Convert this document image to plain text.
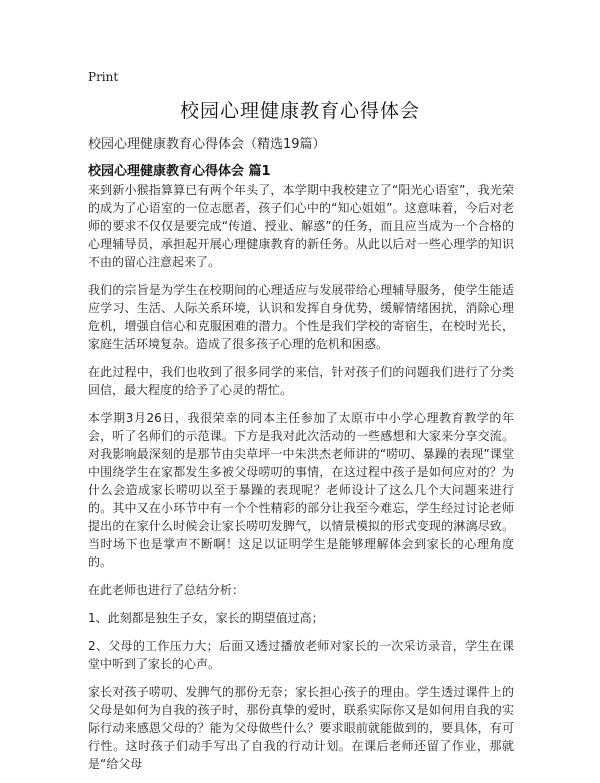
Print
校园心理健康教育心得体会
校园心理健康教育心得体会（精选19篇）
校园心理健康教育心得体会 篇1

来到新小猴指算算已有两个年头了，本学期中我校建立了“阳光心语室”，我光荣的成为了心语室的一位志愿者，孩子们心中的“知心姐姐”。这意味着，今后对老师的要求不仅仅是要完成“传道、授业、解惑”的任务，而且应当成为一个合格的心理辅导员，承担起开展心理健康教育的新任务。从此以后对一些心理学的知识不由的留心注意起来了。

我们的宗旨是为学生在校期间的心理适应与发展带给心理辅导服务，使学生能适应学习、生活、人际关系环境，认识和发挥自身优势，缓解情绪困扰，消除心理危机，增强自信心和克服困难的潜力。个性是我们学校的寄宿生，在校时光长，家庭生活环境复杂。造成了很多孩子心理的危机和困惑。

在此过程中，我们也收到了很多同学的来信，针对孩子们的问题我们进行了分类回信，最大程度的给予了心灵的帮忙。

本学期3月26日，我很荣幸的同本主任参加了太原市中小学心理教育教学的年会，听了名师们的示范课。下方是我对此次活动的一些感想和大家来分享交流。对我影响最深刻的是那节由尖草坪一中朱洪杰老师讲的“唠叨、暴躁的表现”课堂中围绕学生在家都发生多被父母唠叨的事情，在这过程中孩子是如何应对的？为什么会造成家长唠叨以至于暴躁的表现呢？老师设计了这么几个大问题来进行的。其中又在小环节中有一个个性精彩的部分让我至今难忘，学生经过讨论老师提出的在家什么时候会让家长唠叨发脾气，以情景模拟的形式变现的淋漓尽致。当时场下也是掌声不断啊！这足以证明学生是能够理解体会到家长的心理角度的。

在此老师也进行了总结分析：

1、此刻都是独生子女，家长的期望值过高；

2、父母的工作压力大；后面又透过播放老师对家长的一次采访录音，学生在课堂中听到了家长的心声。

家长对孩子唠叨、发脾气的那份无奈；家长担心孩子的理由。学生透过课件上的父母是如何为自我的孩子时，那份真挚的爱时，联系实际你又是如何用自我的实际行动来感恩父母的？能为父母做些什么？要求眼前就能做到的，要具体，有可行性。这时孩子们动手写出了自我的行动计划。在课后老师还留了作业，那就是“给父母
